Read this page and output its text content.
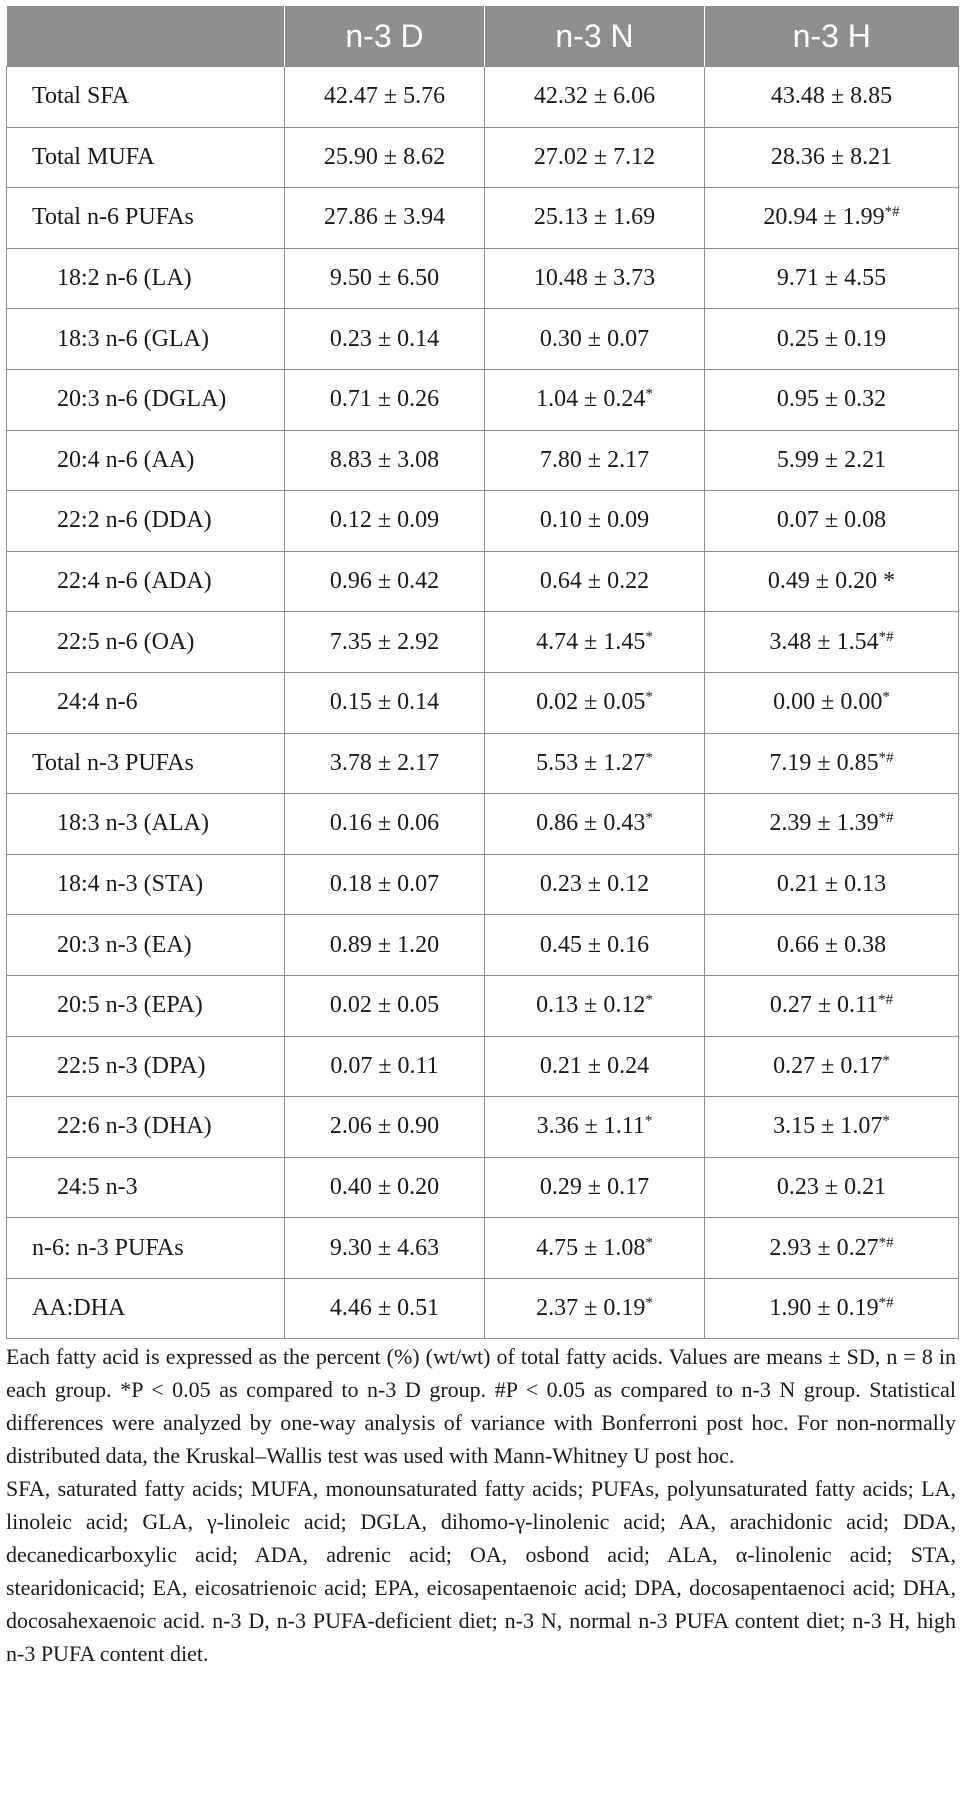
	n-3 D	n-3 N	n-3 H
Total SFA	42.47 ± 5.76	42.32 ± 6.06	43.48 ± 8.85
Total MUFA	25.90 ± 8.62	27.02 ± 7.12	28.36 ± 8.21
Total n-6 PUFAs	27.86 ± 3.94	25.13 ± 1.69	20.94 ± 1.99*#
18:2 n-6 (LA)	9.50 ± 6.50	10.48 ± 3.73	9.71 ± 4.55
18:3 n-6 (GLA)	0.23 ± 0.14	0.30 ± 0.07	0.25 ± 0.19
20:3 n-6 (DGLA)	0.71 ± 0.26	1.04 ± 0.24*	0.95 ± 0.32
20:4 n-6 (AA)	8.83 ± 3.08	7.80 ± 2.17	5.99 ± 2.21
22:2 n-6 (DDA)	0.12 ± 0.09	0.10 ± 0.09	0.07 ± 0.08
22:4 n-6 (ADA)	0.96 ± 0.42	0.64 ± 0.22	0.49 ± 0.20 *
22:5 n-6 (OA)	7.35 ± 2.92	4.74 ± 1.45*	3.48 ± 1.54*#
24:4 n-6	0.15 ± 0.14	0.02 ± 0.05*	0.00 ± 0.00*
Total n-3 PUFAs	3.78 ± 2.17	5.53 ± 1.27*	7.19 ± 0.85*#
18:3 n-3 (ALA)	0.16 ± 0.06	0.86 ± 0.43*	2.39 ± 1.39*#
18:4 n-3 (STA)	0.18 ± 0.07	0.23 ± 0.12	0.21 ± 0.13
20:3 n-3 (EA)	0.89 ± 1.20	0.45 ± 0.16	0.66 ± 0.38
20:5 n-3 (EPA)	0.02 ± 0.05	0.13 ± 0.12*	0.27 ± 0.11*#
22:5 n-3 (DPA)	0.07 ± 0.11	0.21 ± 0.24	0.27 ± 0.17*
22:6 n-3 (DHA)	2.06 ± 0.90	3.36 ± 1.11*	3.15 ± 1.07*
24:5 n-3	0.40 ± 0.20	0.29 ± 0.17	0.23 ± 0.21
n-6: n-3 PUFAs	9.30 ± 4.63	4.75 ± 1.08*	2.93 ± 0.27*#
AA:DHA	4.46 ± 0.51	2.37 ± 0.19*	1.90 ± 0.19*#

Each fatty acid is expressed as the percent (%) (wt/wt) of total fatty acids. Values are means ± SD, n = 8 in each group. *P < 0.05 as compared to n-3 D group. #P < 0.05 as compared to n-3 N group. Statistical differences were analyzed by one-way analysis of variance with Bonferroni post hoc. For non-normally distributed data, the Kruskal–Wallis test was used with Mann-Whitney U post hoc.

SFA, saturated fatty acids; MUFA, monounsaturated fatty acids; PUFAs, polyunsaturated fatty acids; LA, linoleic acid; GLA, γ-linoleic acid; DGLA, dihomo-γ-linolenic acid; AA, arachidonic acid; DDA, decanedicarboxylic acid; ADA, adrenic acid; OA, osbond acid; ALA, α-linolenic acid; STA, stearidonicacid; EA, eicosatrienoic acid; EPA, eicosapentaenoic acid; DPA, docosapentaenoci acid; DHA, docosahexaenoic acid. n-3 D, n-3 PUFA-deficient diet; n-3 N, normal n-3 PUFA content diet; n-3 H, high n-3 PUFA content diet.
